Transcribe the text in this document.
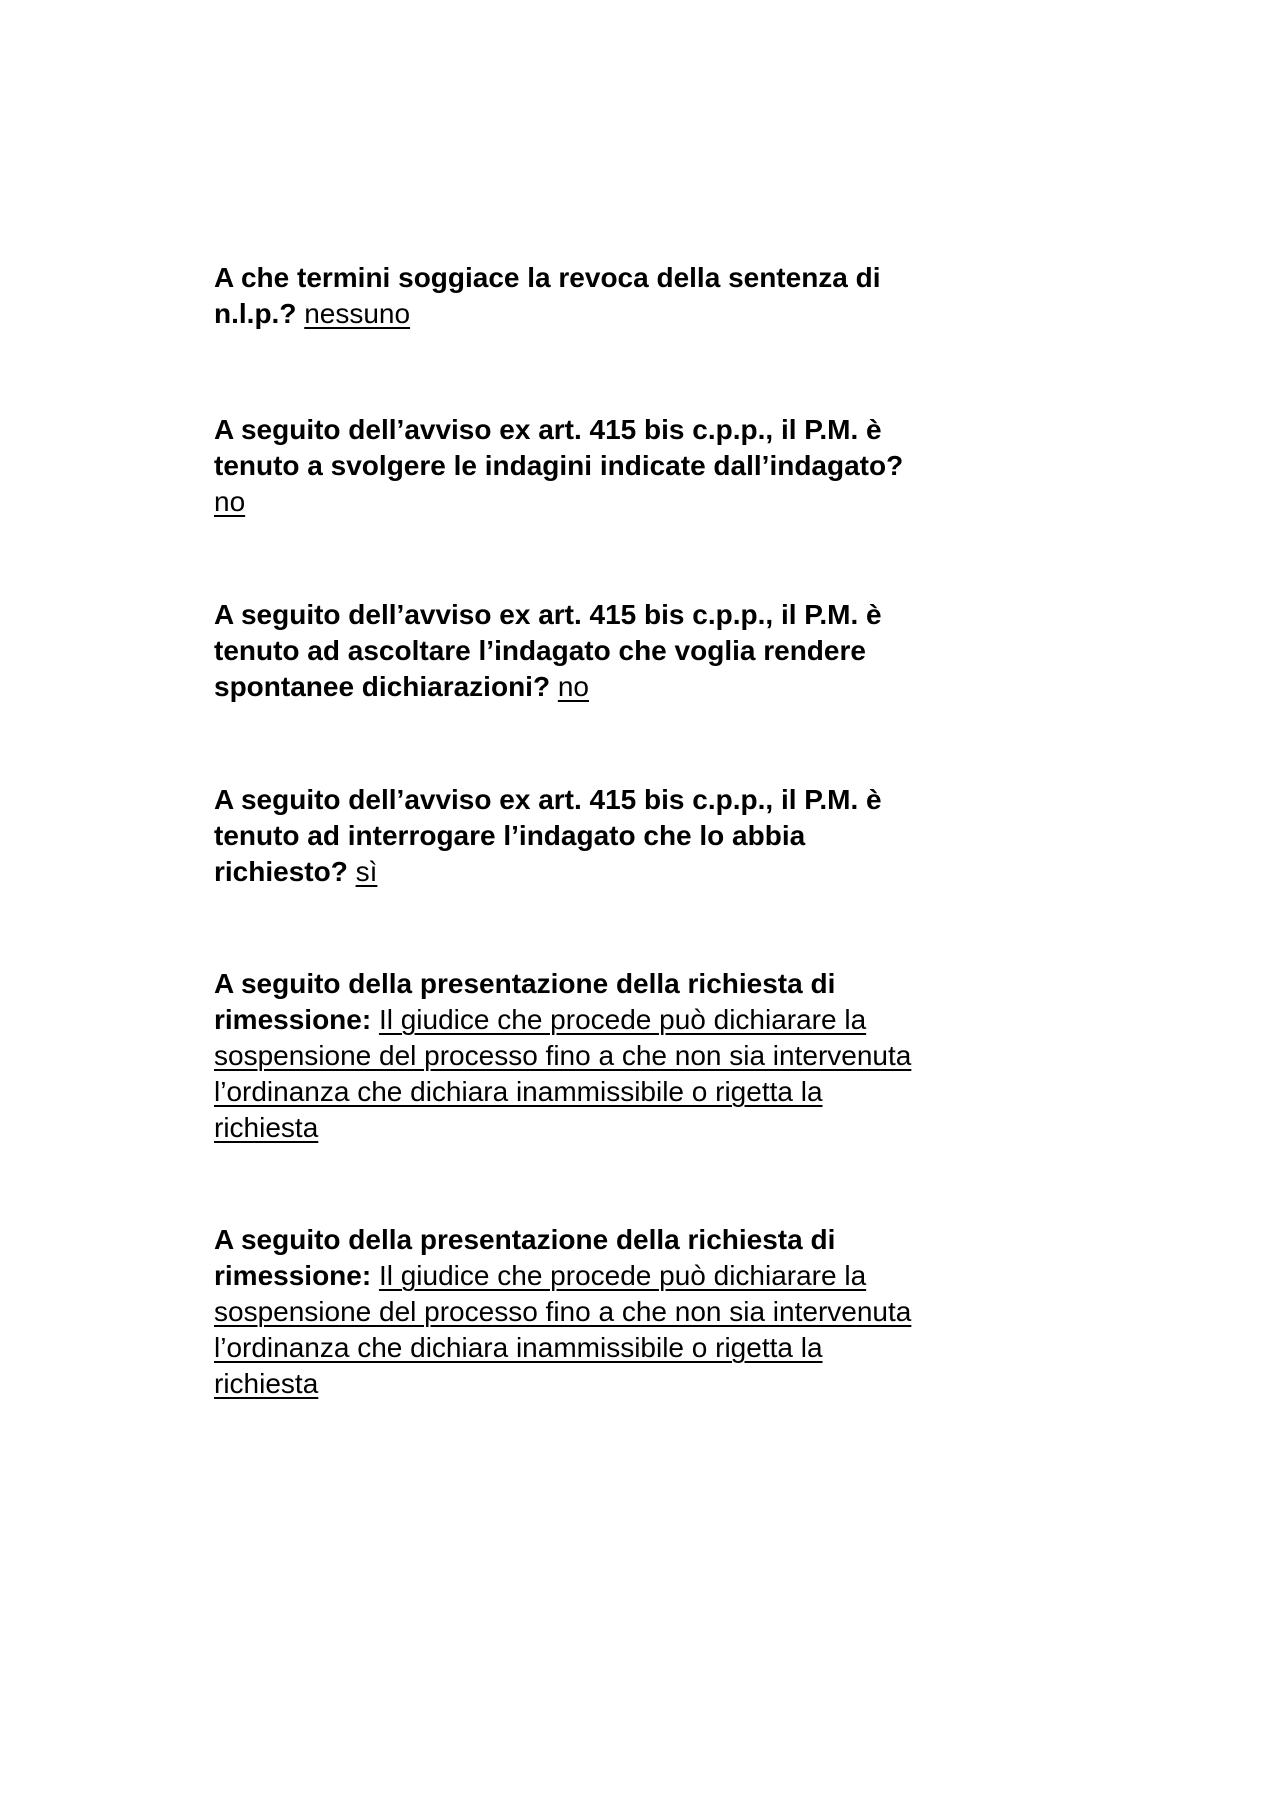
A che termini soggiace la revoca della sentenza di n.l.p.? nessuno

A seguito dell’avviso ex art. 415 bis c.p.p., il P.M. è tenuto a svolgere le indagini indicate dall’indagato? no

A seguito dell’avviso ex art. 415 bis c.p.p., il P.M. è tenuto ad ascoltare l’indagato che voglia rendere spontanee dichiarazioni? no

A seguito dell’avviso ex art. 415 bis c.p.p., il P.M. è tenuto ad interrogare l’indagato che lo abbia richiesto? sì

A seguito della presentazione della richiesta di rimessione: Il giudice che procede può dichiarare la sospensione del processo fino a che non sia intervenuta l’ordinanza che dichiara inammissibile o rigetta la richiesta

A seguito della presentazione della richiesta di rimessione: Il giudice che procede può dichiarare la sospensione del processo fino a che non sia intervenuta l’ordinanza che dichiara inammissibile o rigetta la richiesta
